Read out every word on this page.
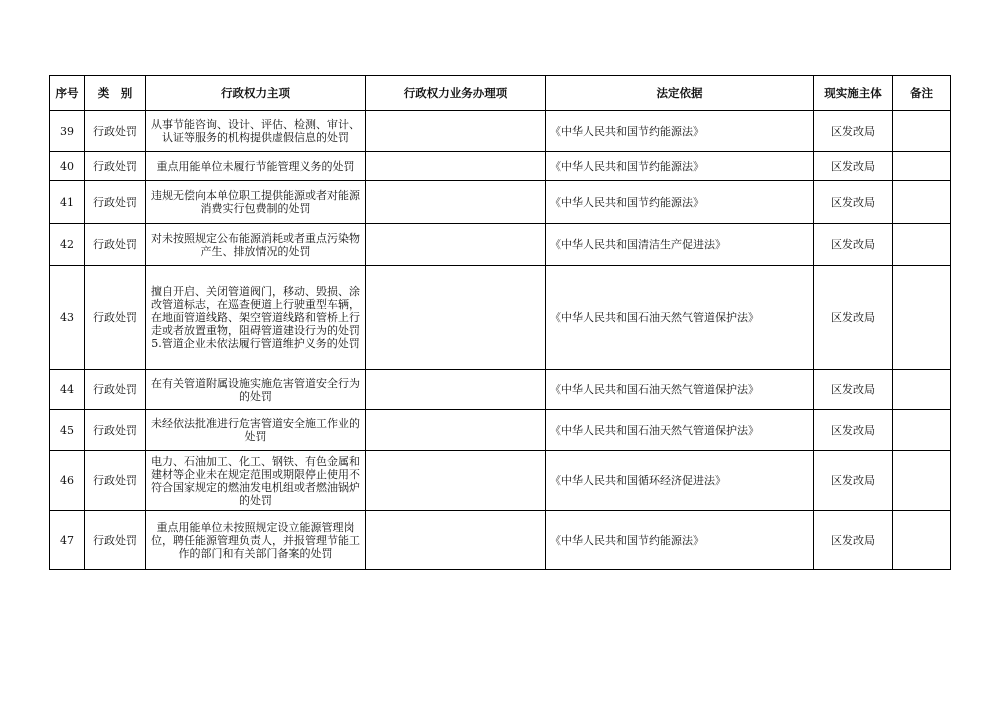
序号	类　别	行政权力主项	行政权力业务办理项	法定依据	现实施主体	备注
39	行政处罚	从事节能咨询、设计、评估、检测、审计、认证等服务的机构提供虚假信息的处罚		《中华人民共和国节约能源法》	区发改局	
40	行政处罚	重点用能单位未履行节能管理义务的处罚		《中华人民共和国节约能源法》	区发改局	
41	行政处罚	违规无偿向本单位职工提供能源或者对能源消费实行包费制的处罚		《中华人民共和国节约能源法》	区发改局	
42	行政处罚	对未按照规定公布能源消耗或者重点污染物产生、排放情况的处罚		《中华人民共和国清洁生产促进法》	区发改局	
43	行政处罚	擅自开启、关闭管道阀门，移动、毁损、涂改管道标志，在巡查便道上行驶重型车辆，在地面管道线路、架空管道线路和管桥上行走或者放置重物，阻碍管道建设行为的处罚5.管道企业未依法履行管道维护义务的处罚		《中华人民共和国石油天然气管道保护法》	区发改局	
44	行政处罚	在有关管道附属设施实施危害管道安全行为的处罚		《中华人民共和国石油天然气管道保护法》	区发改局	
45	行政处罚	未经依法批准进行危害管道安全施工作业的处罚		《中华人民共和国石油天然气管道保护法》	区发改局	
46	行政处罚	电力、石油加工、化工、钢铁、有色金属和建材等企业未在规定范围或期限停止使用不符合国家规定的燃油发电机组或者燃油锅炉的处罚		《中华人民共和国循环经济促进法》	区发改局	
47	行政处罚	重点用能单位未按照规定设立能源管理岗位，聘任能源管理负责人，并报管理节能工作的部门和有关部门备案的处罚		《中华人民共和国节约能源法》	区发改局	
